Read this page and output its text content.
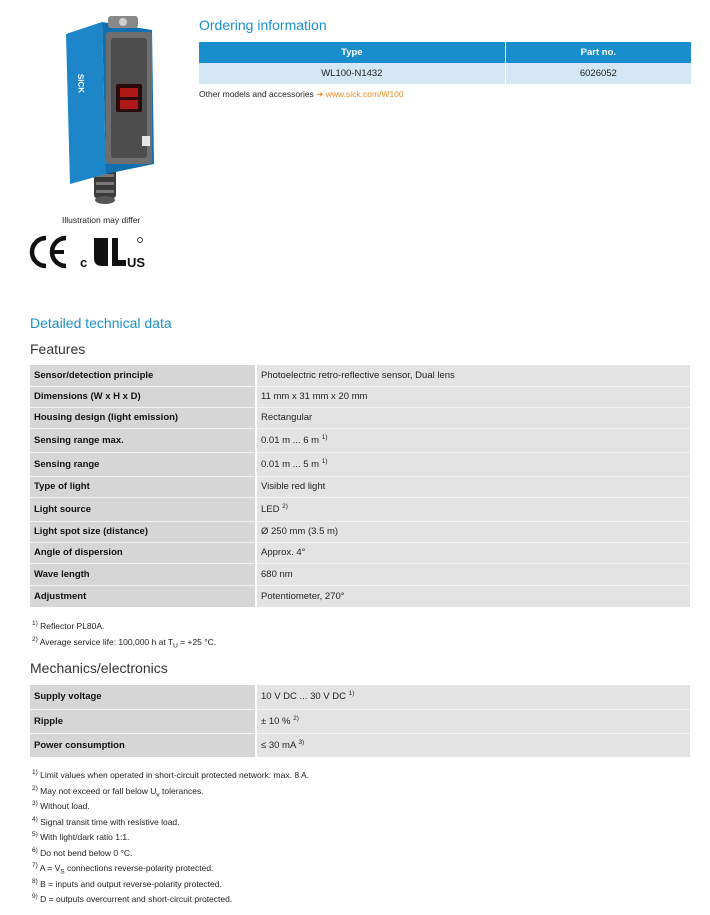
SICK
Illustration may differ
c	US
Ordering information
Type	Part no.
WL100-N1432	6026052
Other models and accessories ➔ www.sick.com/W100
Detailed technical data
Features
Sensor/detection principle	Photoelectric retro-reflective sensor, Dual lens
Dimensions (W x H x D)	11 mm x 31 mm x 20 mm
Housing design (light emission)	Rectangular
Sensing range max.	0.01 m ... 6 m $^{1)}$
Sensing range	0.01 m ... 5 m $^{1)}$
Type of light	Visible red light
Light source	LED $^{2)}$
Light spot size (distance)	Ø 250 mm (3.5 m)
Angle of dispersion	Approx. 4°
Wave length	680 nm
Adjustment	Potentiometer, 270°
$^{1)}$ Reflector PL80A.
$^{2)}$ Average service life: 100,000 h at $T_U = +25$ °C.
Mechanics/electronics
Supply voltage	10 V DC ... 30 V DC $^{1)}$
Ripple	± 10 % $^{2)}$
Power consumption	≤ 30 mA $^{3)}$
$^{1)}$ Limit values when operated in short-circuit protected network: max. 8 A.
$^{2)}$ May not exceed or fall below $U_v$ tolerances.
$^{3)}$ Without load.
$^{4)}$ Signal transit time with resistive load.
$^{5)}$ With light/dark ratio 1:1.
$^{6)}$ Do not bend below 0 °C.
$^{7)}$ $A = V_S$ connections reverse-polarity protected.
$^{8)}$ B = inputs and output reverse-polarity protected.
$^{9)}$ D = outputs overcurrent and short-circuit protected.
